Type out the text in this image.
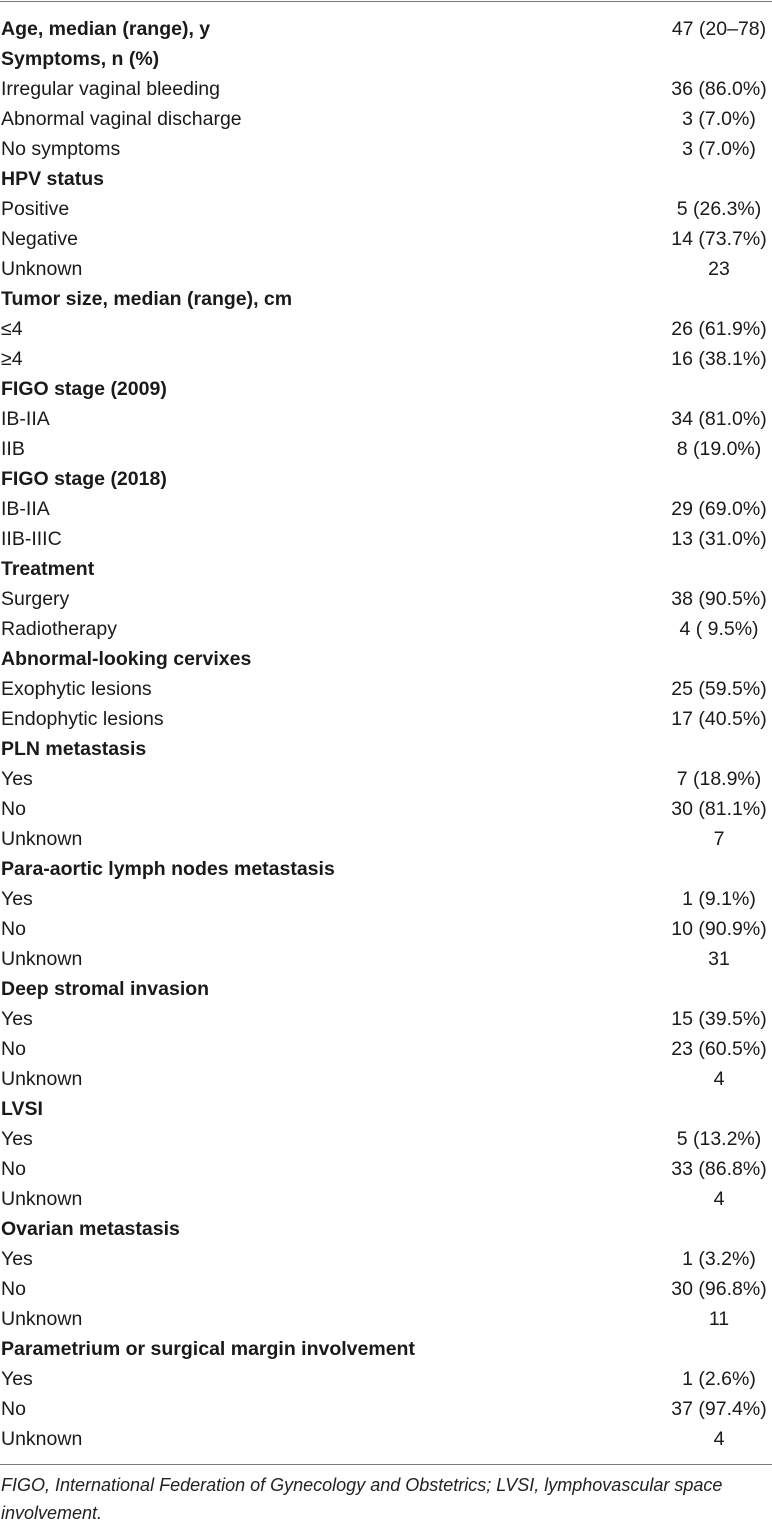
Age, median (range), y	47 (20–78)
Symptoms, n (%)
Irregular vaginal bleeding	36 (86.0%)
Abnormal vaginal discharge	3 (7.0%)
No symptoms	3 (7.0%)
HPV status
Positive	5 (26.3%)
Negative	14 (73.7%)
Unknown	23
Tumor size, median (range), cm
≤4	26 (61.9%)
≥4	16 (38.1%)
FIGO stage (2009)
IB-IIA	34 (81.0%)
IIB	8 (19.0%)
FIGO stage (2018)
IB-IIA	29 (69.0%)
IIB-IIIC	13 (31.0%)
Treatment
Surgery	38 (90.5%)
Radiotherapy	4 ( 9.5%)
Abnormal-looking cervixes
Exophytic lesions	25 (59.5%)
Endophytic lesions	17 (40.5%)
PLN metastasis
Yes	7 (18.9%)
No	30 (81.1%)
Unknown	7
Para-aortic lymph nodes metastasis
Yes	1 (9.1%)
No	10 (90.9%)
Unknown	31
Deep stromal invasion
Yes	15 (39.5%)
No	23 (60.5%)
Unknown	4
LVSI
Yes	5 (13.2%)
No	33 (86.8%)
Unknown	4
Ovarian metastasis
Yes	1 (3.2%)
No	30 (96.8%)
Unknown	11
Parametrium or surgical margin involvement
Yes	1 (2.6%)
No	37 (97.4%)
Unknown	4
FIGO, International Federation of Gynecology and Obstetrics; LVSI, lymphovascular space involvement.
